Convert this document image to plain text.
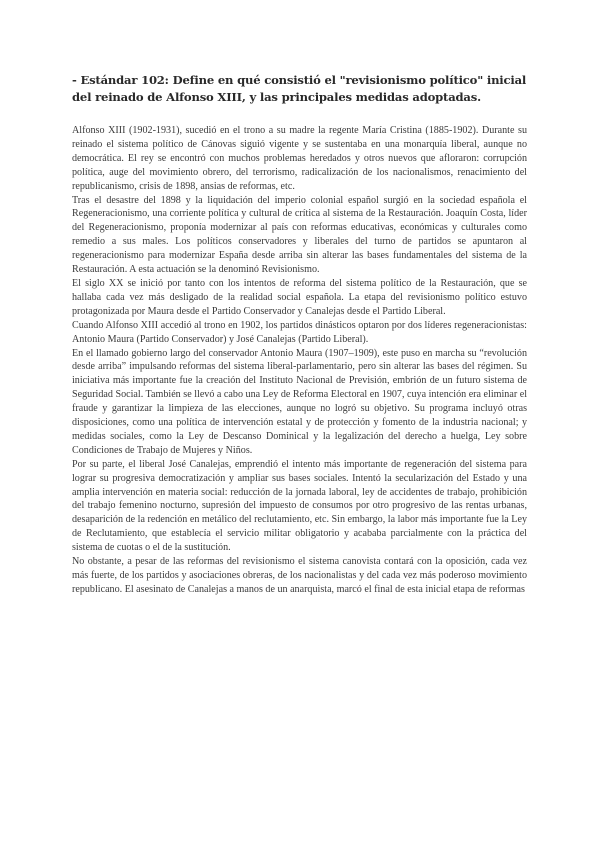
- Estándar 102: Define en qué consistió el "revisionismo político" inicial del reinado de Alfonso XIII, y las principales medidas adoptadas.

Alfonso XIII (1902-1931), sucedió en el trono a su madre la regente María Cristina (1885-1902). Durante su reinado el sistema político de Cánovas siguió vigente y se sustentaba en una monarquía liberal, aunque no democrática. El rey se encontró con muchos problemas heredados y otros nuevos que afloraron: corrupción política, auge del movimiento obrero, del terrorismo, radicalización de los nacionalismos, renacimiento del republicanismo, crisis de 1898, ansias de reformas, etc.

Tras el desastre del 1898 y la liquidación del imperio colonial español surgió en la sociedad española el Regeneracionismo, una corriente política y cultural de crítica al sistema de la Restauración. Joaquín Costa, líder del Regeneracionismo, proponía modernizar al país con reformas educativas, económicas y culturales como remedio a sus males. Los políticos conservadores y liberales del turno de partidos se apuntaron al regeneracionismo para modernizar España desde arriba sin alterar las bases fundamentales del sistema de la Restauración. A esta actuación se la denominó Revisionismo.

El siglo XX se inició por tanto con los intentos de reforma del sistema político de la Restauración, que se hallaba cada vez más desligado de la realidad social española. La etapa del revisionismo político estuvo protagonizada por Maura desde el Partido Conservador y Canalejas desde el Partido Liberal.

Cuando Alfonso XIII accedió al trono en 1902, los partidos dinásticos optaron por dos líderes regeneracionistas: Antonio Maura (Partido Conservador) y José Canalejas (Partido Liberal).

En el llamado gobierno largo del conservador Antonio Maura (1907–1909), este puso en marcha su “revolución desde arriba” impulsando reformas del sistema liberal-parlamentario, pero sin alterar las bases del régimen. Su iniciativa más importante fue la creación del Instituto Nacional de Previsión, embrión de un futuro sistema de Seguridad Social. También se llevó a cabo una Ley de Reforma Electoral en 1907, cuya intención era eliminar el fraude y garantizar la limpieza de las elecciones, aunque no logró su objetivo. Su programa incluyó otras disposiciones, como una política de intervención estatal y de protección y fomento de la industria nacional; y medidas sociales, como la Ley de Descanso Dominical y la legalización del derecho a huelga, Ley sobre Condiciones de Trabajo de Mujeres y Niños.

Por su parte, el liberal José Canalejas, emprendió el intento más importante de regeneración del sistema para lograr su progresiva democratización y ampliar sus bases sociales. Intentó la secularización del Estado y una amplia intervención en materia social: reducción de la jornada laboral, ley de accidentes de trabajo, prohibición del trabajo femenino nocturno, supresión del impuesto de consumos por otro progresivo de las rentas urbanas, desaparición de la redención en metálico del reclutamiento, etc. Sin embargo, la labor más importante fue la Ley de Reclutamiento, que establecía el servicio militar obligatorio y acababa parcialmente con la práctica del sistema de cuotas o el de la sustitución.

No obstante, a pesar de las reformas del revisionismo el sistema canovista contará con la oposición, cada vez más fuerte, de los partidos y asociaciones obreras, de los nacionalistas y del cada vez más poderoso movimiento republicano. El asesinato de Canalejas a manos de un anarquista, marcó el final de esta inicial etapa de reformas
